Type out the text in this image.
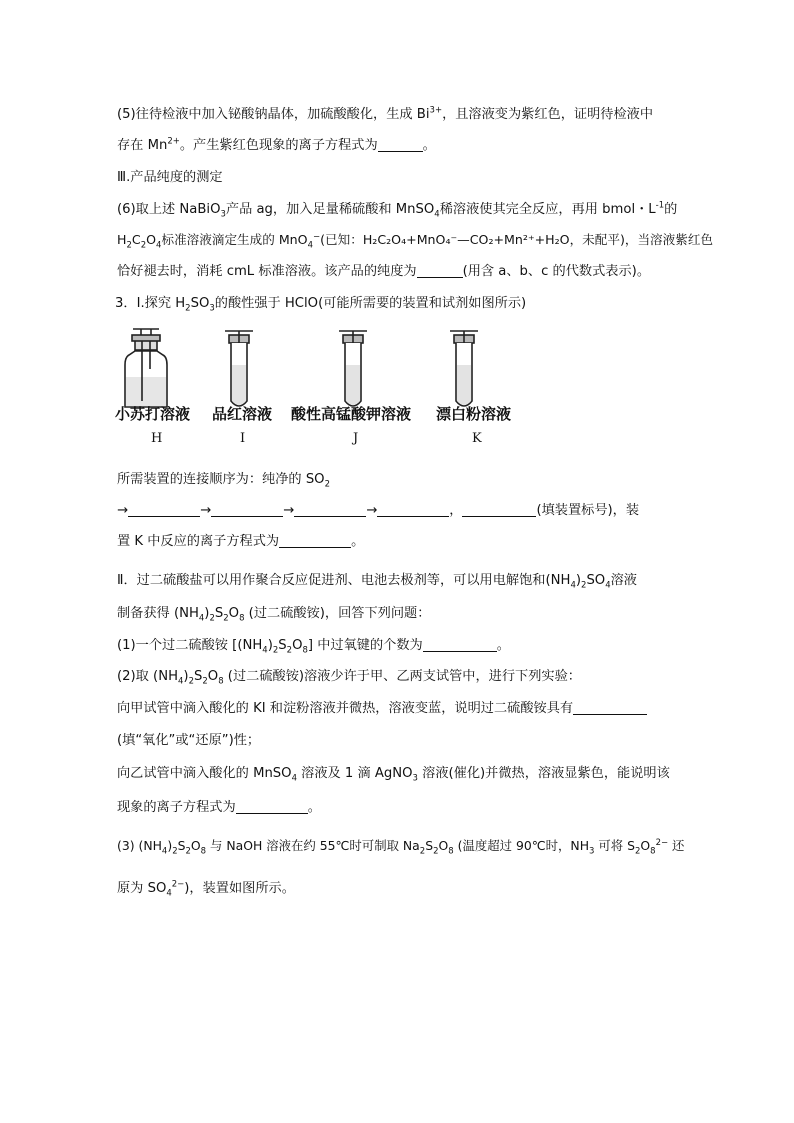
(5)往待检液中加入铋酸钠晶体，加硫酸酸化，生成 $Bi^{3+}$，且溶液变为紫红色，证明待检液中
存在 $Mn^{2+}$。产生紫红色现象的离子方程式为	。
Ⅲ.产品纯度的测定
(6)取上述 NaBiO$_3$产品 ag，加入足量稀硫酸和 MnSO$_4$稀溶液使其完全反应，再用 bmol・$L^{-1}$的
$H_2C_2O_4$标准溶液滴定生成的 MnO$_4$−(已知：H₂C₂O₄+MnO₄⁻—CO₂+Mn²⁺+H₂O，未配平)，当溶液紫红色
恰好褪去时，消耗 cmL 标准溶液。该产品的纯度为	(用含 a、b、c 的代数式表示)。
3．Ⅰ.探究 $H_2SO_3$的酸性强于 HClO(可能所需要的装置和试剂如图所示)
小苏打溶液 品红溶液 酸性高锰酸钾溶液 漂白粉溶液
H	I	J	K
所需装置的连接顺序为：纯净的 $SO_2$
→	→	→	→	，	(填装置标号)，装
置 K 中反应的离子方程式为	。
Ⅱ．过二硫酸盐可以用作聚合反应促进剂、电池去极剂等，可以用电解饱和$(NH_4)_2SO_4$溶液
制备获得 $(NH_4)_2S_2O_8$ (过二硫酸铵)，回答下列问题：
(1)一个过二硫酸铵 $[(NH_4)_2S_2O_8]$ 中过氧键的个数为	。
(2)取 $(NH_4)_2S_2O_8$ (过二硫酸铵)溶液少许于甲、乙两支试管中，进行下列实验：
向甲试管中滴入酸化的 KI 和淀粉溶液并微热，溶液变蓝，说明过二硫酸铵具有
(填“氧化”或“还原”)性；
向乙试管中滴入酸化的 MnSO$_4$ 溶液及 1 滴 AgNO$_3$ 溶液(催化)并微热，溶液显紫色，能说明该
现象的离子方程式为	。
(3) $(NH_4)_2S_2O_8$ 与 NaOH 溶液在约 55℃时可制取 $Na_2S_2O_8$ (温度超过 90℃时，$NH_3$ 可将 $S_2O_8^{2-}$ 还
原为 $SO_4^{2-}$)，装置如图所示。
